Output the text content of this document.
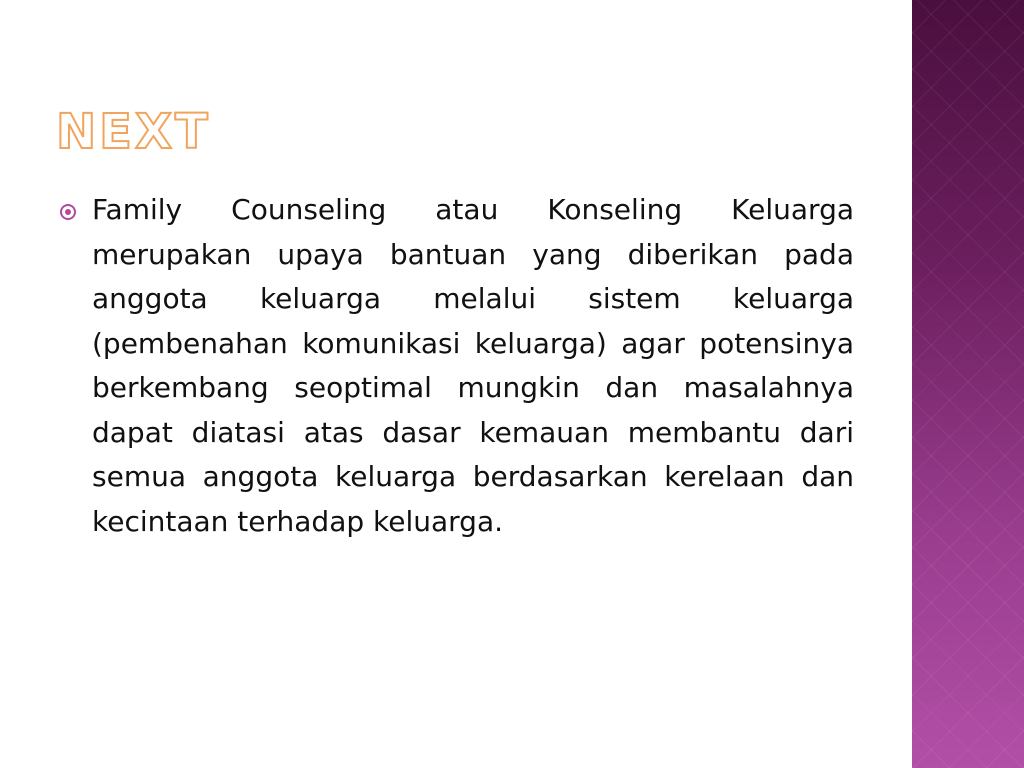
NEXT

Family Counseling atau Konseling Keluarga merupakan upaya bantuan yang diberikan pada anggota keluarga melalui sistem keluarga (pembenahan komunikasi keluarga) agar potensinya berkembang seoptimal mungkin dan masalahnya dapat diatasi atas dasar kemauan membantu dari semua anggota keluarga berdasarkan kerelaan dan kecintaan terhadap keluarga.
